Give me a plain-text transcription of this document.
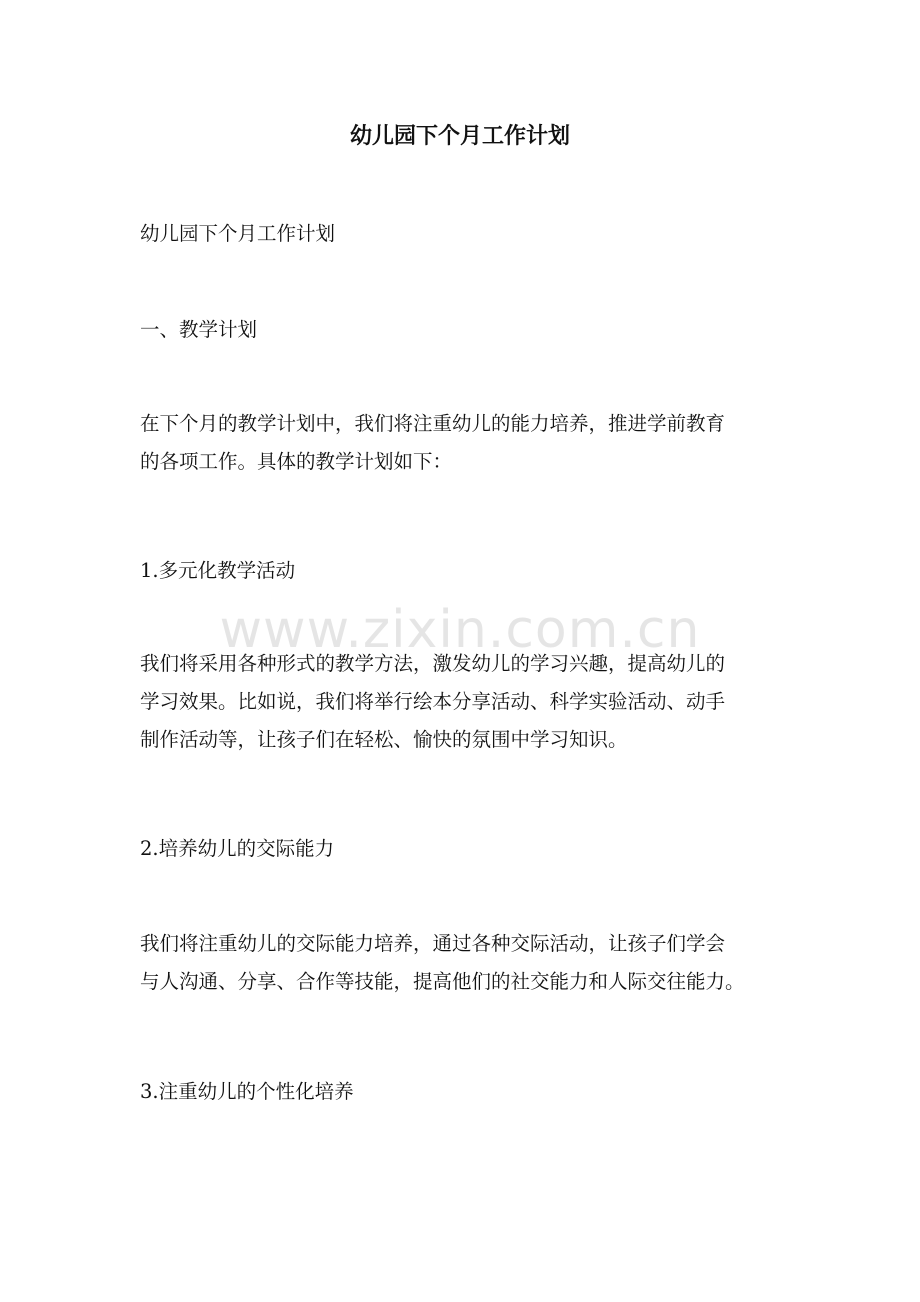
幼儿园下个月工作计划

幼儿园下个月工作计划

一、教学计划

在下个月的教学计划中，我们将注重幼儿的能力培养，推进学前教育
的各项工作。具体的教学计划如下：

1.多元化教学活动

我们将采用各种形式的教学方法，激发幼儿的学习兴趣，提高幼儿的
学习效果。比如说，我们将举行绘本分享活动、科学实验活动、动手
制作活动等，让孩子们在轻松、愉快的氛围中学习知识。

2.培养幼儿的交际能力

我们将注重幼儿的交际能力培养，通过各种交际活动，让孩子们学会
与人沟通、分享、合作等技能，提高他们的社交能力和人际交往能力。

3.注重幼儿的个性化培养

www.zixin.com.cn
